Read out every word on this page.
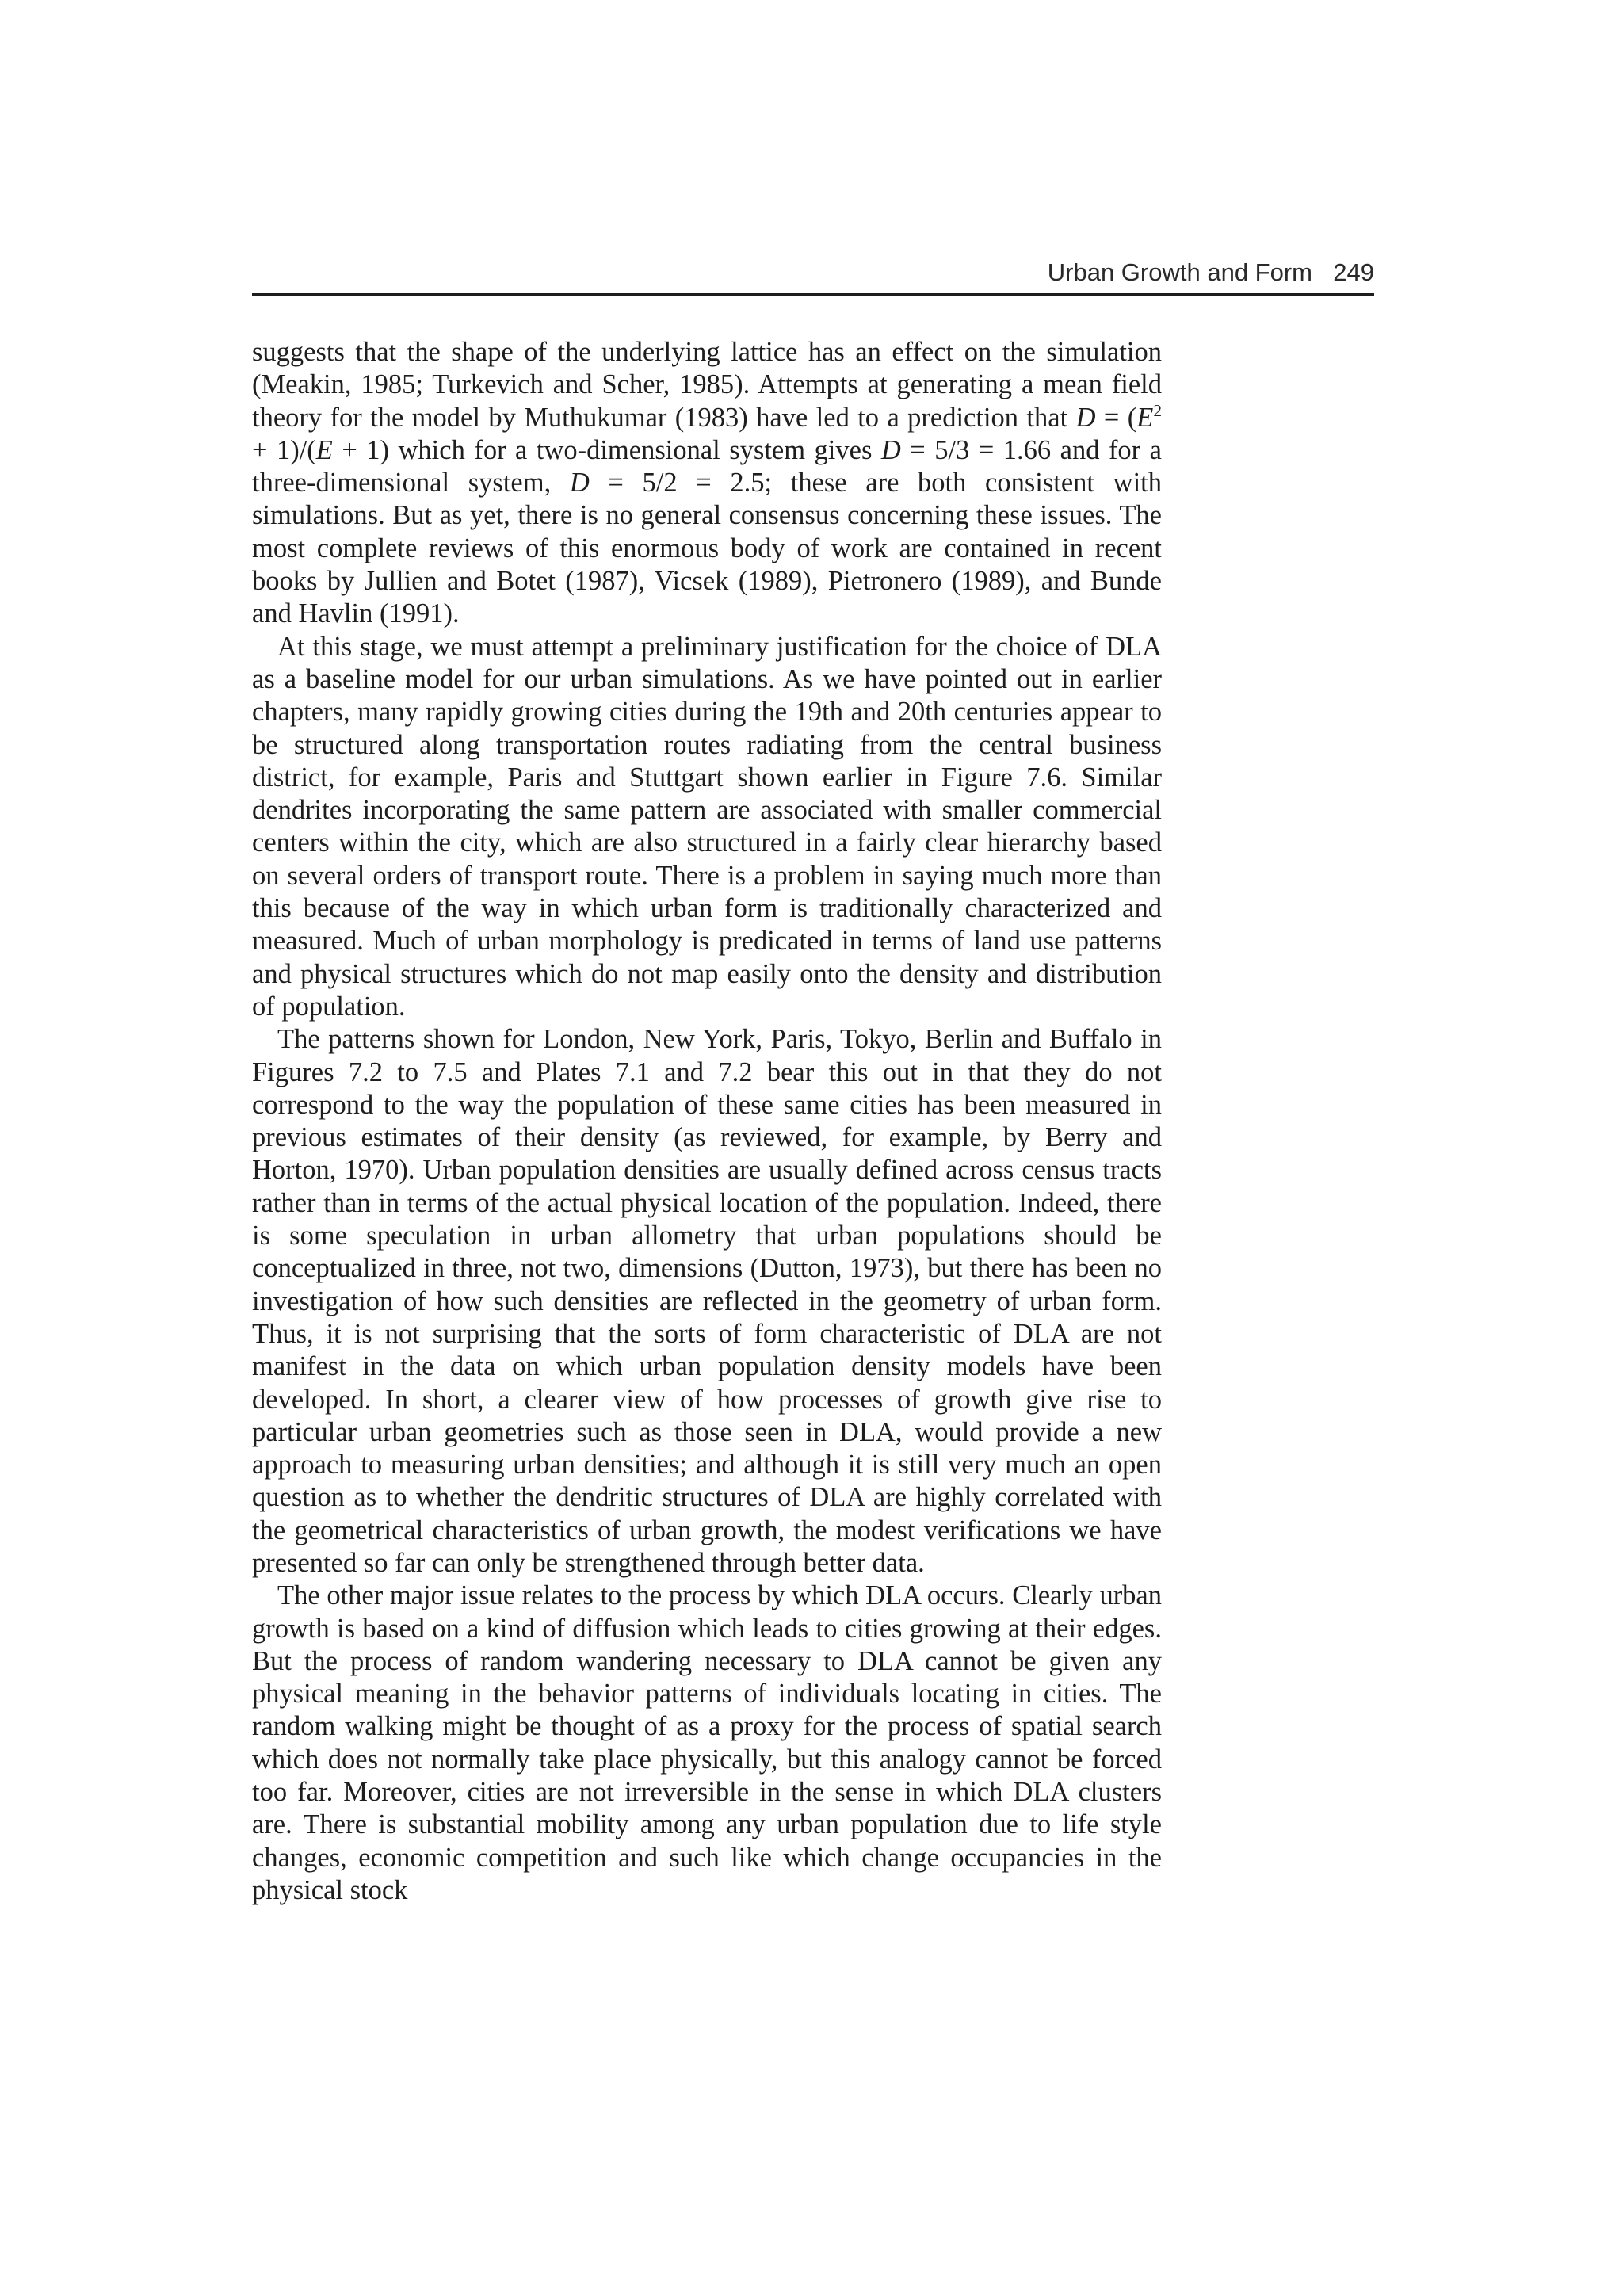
Urban Growth and Form 249

suggests that the shape of the underlying lattice has an effect on the simulation (Meakin, 1985; Turkevich and Scher, 1985). Attempts at generating a mean field theory for the model by Muthukumar (1983) have led to a prediction that $D = (E^2 + 1)/(E + 1)$ which for a two-dimensional system gives D = 5/3 = 1.66 and for a three-dimensional system, D = 5/2 = 2.5; these are both consistent with simulations. But as yet, there is no general consensus concerning these issues. The most complete reviews of this enormous body of work are contained in recent books by Jullien and Botet (1987), Vicsek (1989), Pietronero (1989), and Bunde and Havlin (1991).

At this stage, we must attempt a preliminary justification for the choice of DLA as a baseline model for our urban simulations. As we have pointed out in earlier chapters, many rapidly growing cities during the 19th and 20th centuries appear to be structured along transportation routes radiating from the central business district, for example, Paris and Stuttgart shown earlier in Figure 7.6. Similar dendrites incorporating the same pattern are associated with smaller commercial centers within the city, which are also structured in a fairly clear hierarchy based on several orders of transport route. There is a problem in saying much more than this because of the way in which urban form is traditionally characterized and measured. Much of urban morphology is predicated in terms of land use patterns and physical structures which do not map easily onto the density and distribution of population.

The patterns shown for London, New York, Paris, Tokyo, Berlin and Buffalo in Figures 7.2 to 7.5 and Plates 7.1 and 7.2 bear this out in that they do not correspond to the way the population of these same cities has been measured in previous estimates of their density (as reviewed, for example, by Berry and Horton, 1970). Urban population densities are usually defined across census tracts rather than in terms of the actual physical location of the population. Indeed, there is some speculation in urban allometry that urban populations should be conceptualized in three, not two, dimensions (Dutton, 1973), but there has been no investigation of how such densities are reflected in the geometry of urban form. Thus, it is not surprising that the sorts of form characteristic of DLA are not manifest in the data on which urban population density models have been developed. In short, a clearer view of how processes of growth give rise to particular urban geometries such as those seen in DLA, would provide a new approach to measuring urban densities; and although it is still very much an open question as to whether the dendritic structures of DLA are highly correlated with the geometrical characteristics of urban growth, the modest verifications we have presented so far can only be strengthened through better data.

The other major issue relates to the process by which DLA occurs. Clearly urban growth is based on a kind of diffusion which leads to cities growing at their edges. But the process of random wandering necessary to DLA cannot be given any physical meaning in the behavior patterns of individuals locating in cities. The random walking might be thought of as a proxy for the process of spatial search which does not normally take place physically, but this analogy cannot be forced too far. Moreover, cities are not irreversible in the sense in which DLA clusters are. There is substantial mobility among any urban population due to life style changes, economic competition and such like which change occupancies in the physical stock
